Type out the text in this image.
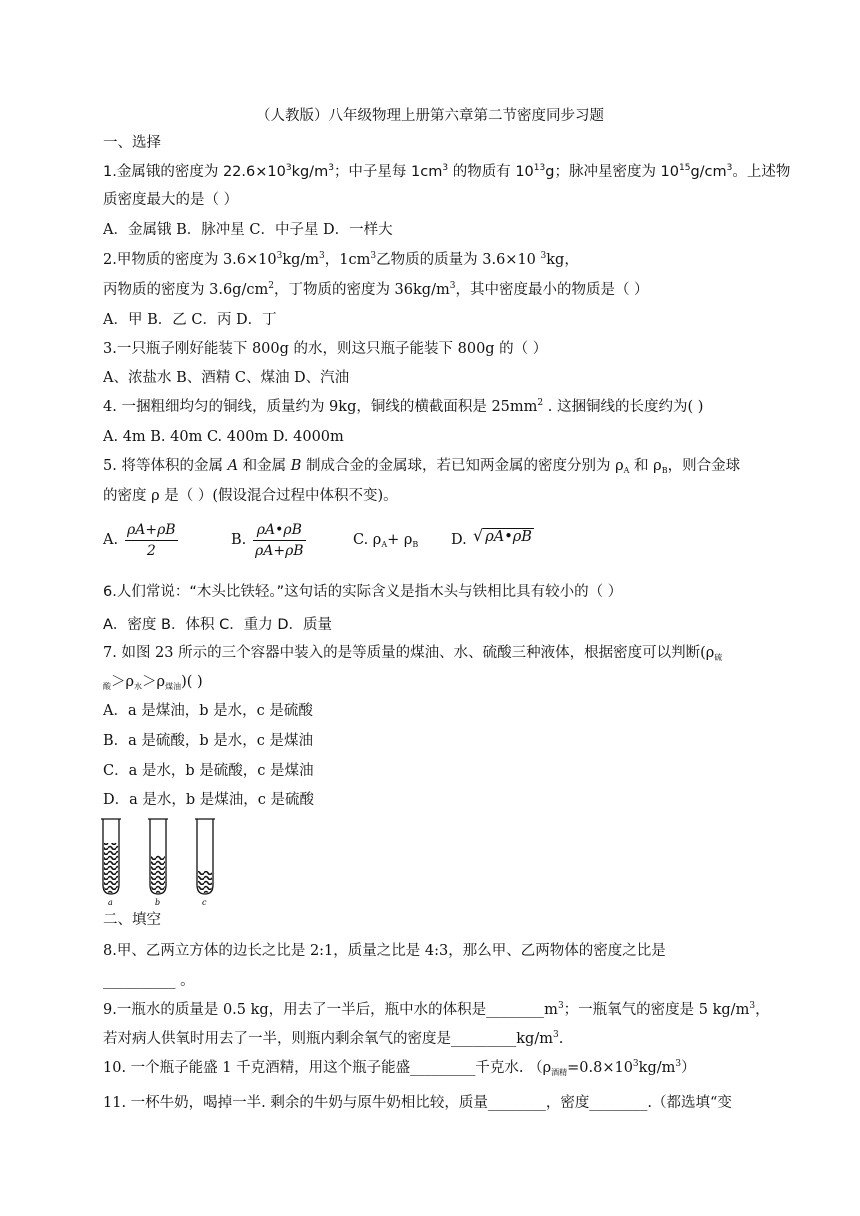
（人教版）八年级物理上册第六章第二节密度同步习题
一、选择
1.金属锇的密度为 $22.6\times 10^3kg/m^3$；中子星每 $1cm^3$ 的物质有 $10^{13}g$；脉冲星密度为 $10^{15}g/cm^3$。上述物
质密度最大的是（ ）
A．金属锇 B．脉冲星 C．中子星 D．一样大
2.甲物质的密度为 $3.6\times 10^3kg/m^3$，$1cm^3$乙物质的质量为 3.6×10 $^3$kg，
丙物质的密度为 $3.6g/cm^2$，丁物质的密度为 $36kg/m^3$，其中密度最小的物质是（ ）
A．甲 B．乙 C．丙 D．丁
3.一只瓶子刚好能装下 800g 的水，则这只瓶子能装下 800g 的（ ）
A、浓盐水 B、酒精 C、煤油 D、汽油
4. 一捆粗细均匀的铜线，质量约为 9kg，铜线的横截面积是 $25mm^2$ . 这捆铜线的长度约为( )
A. 4m B. 40m C. 400m D. 4000m
5. 将等体积的金属 A 和金属 B 制成合金的金属球，若已知两金属的密度分别为 $\rho_A$ 和 $\rho_B$，则合金球
的密度 ρ 是（ ）(假设混合过程中体积不变)。
A. $\frac{\rho A+\rho B}{2}$	B. $\frac{\rho A•\rho B}{\rho A+\rho B}$	C. $\rho_A+ \rho_B$ D. √ ρA•ρB
6.人们常说：“木头比铁轻。”这句话的实际含义是指木头与铁相比具有较小的（ ）
A．密度 B．体积 C．重力 D．质量
7. 如图 23 所示的三个容器中装入的是等质量的煤油、水、硫酸三种液体，根据密度可以判断($\rho_硫$
$_酸>\rho_水>\rho_{煤油}$)( )
A．a 是煤油，b 是水，c 是硫酸
B．a 是硫酸，b 是水，c 是煤油
C．a 是水，b 是硫酸，c 是煤油
D．a 是水，b 是煤油，c 是硫酸
a	b	c
二、填空
8.甲、乙两立方体的边长之比是 2:1，质量之比是 4:3，那么甲、乙两物体的密度之比是
__________ 。
9.一瓶水的质量是 0.5 kg，用去了一半后，瓶中水的体积是$\_\_\_\_\_\_\_\_m^3$；一瓶氧气的密度是 5 $kg/m^3$，
若对病人供氧时用去了一半，则瓶内剩余氧气的密度是$\_\_\_\_\_\_\_\_\_kg/m^3$.
10. 一个瓶子能盛 1 千克酒精，用这个瓶子能盛_________千克水. $(\rho_{酒精}=0.8\times 10^3kg/m^3)$
11. 一杯牛奶，喝掉一半. 剩余的牛奶与原牛奶相比较，质量________，密度________.（都选填“变
